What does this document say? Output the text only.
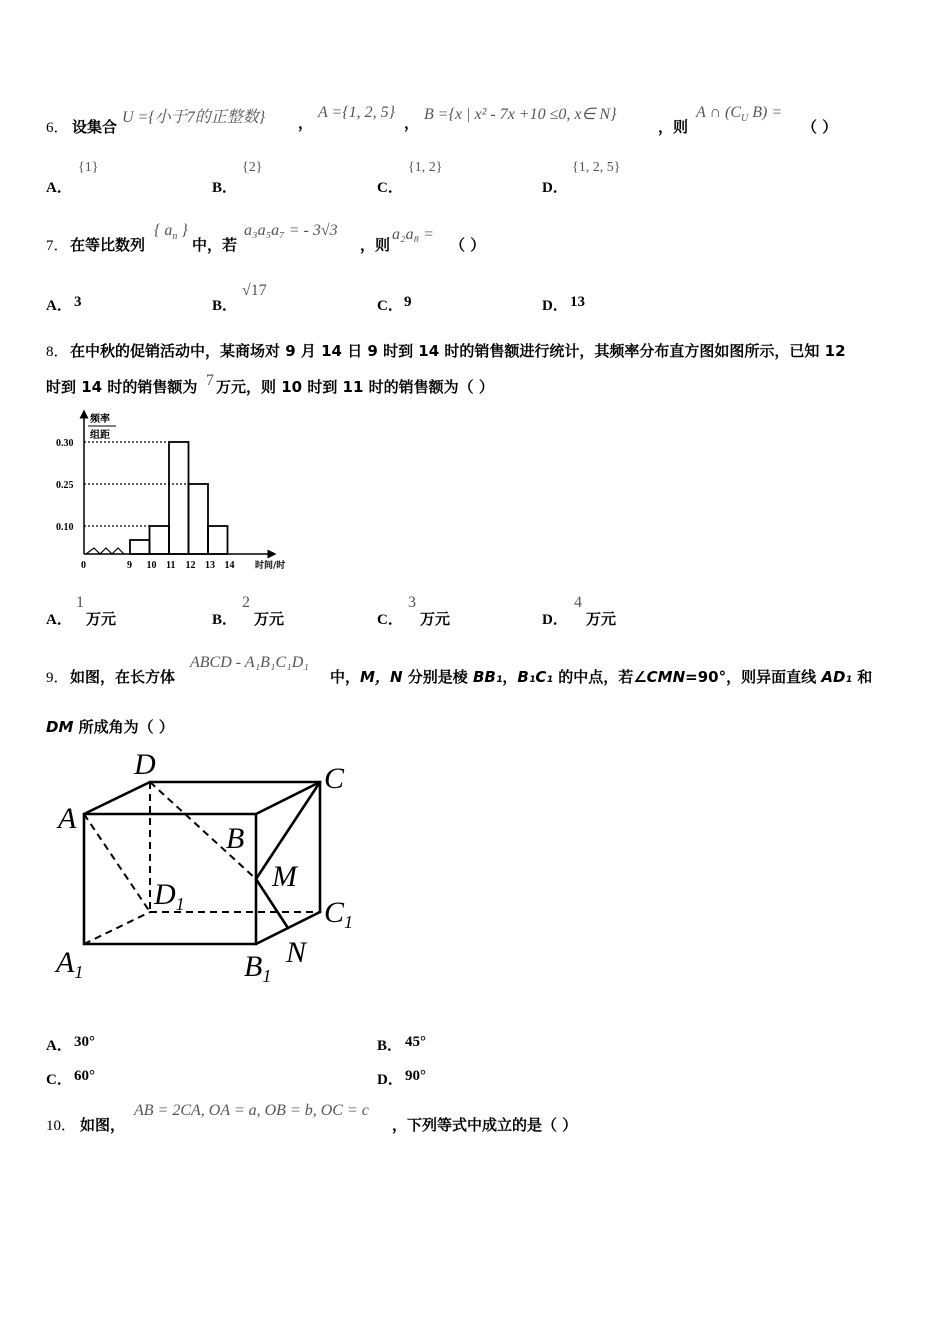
6． 设集合
U ={小于7的正整数} ，
A ={1, 2, 5}
， B ={x | x² - 7x +10 ≤0, x∈ N}
，则
A ∩ ($C_U$ B) =
（ ）
A．
{1}
B．
{2}
C．
{1, 2}
D．
{1, 2, 5}
7． 在等比数列
{ $a_n$ }
中，若
a₃a₅a₇ = - 3√3
，则
a₂a₈ =
（ ）
A． 3	B．
√17
C． 9	D． 13
8． 在中秋的促销活动中，某商场对 9 月 14 日 9 时到 14 时的销售额进行统计，其频率分布直方图如图所示，已知 12
时到 14 时的销售额为 7 万元，则 10 时到 11 时的销售额为（ ）
频率
组距
时间/时
0.30
0.25
0.10
0	9 10 11 12 13 14
A．
1
万元	B．
2
万元	C．
3
万元	D．
4
万元
9． 如图，在长方体
ABCD - A₁B₁C₁D₁
中，M，N 分别是棱 BB₁，B₁C₁ 的中点，若∠CMN=90°，则异面直线 AD₁ 和
DM 所成角为（ ）
A
D	C
B
M
N
$D_1$	$C_1$
$A_1$	$B_1$
A． 30°	B． 45°
C． 60°	D． 90°
10． 如图，
AB = 2CA, OA = a, OB = b, OC = c
，下列等式中成立的是（ ）
